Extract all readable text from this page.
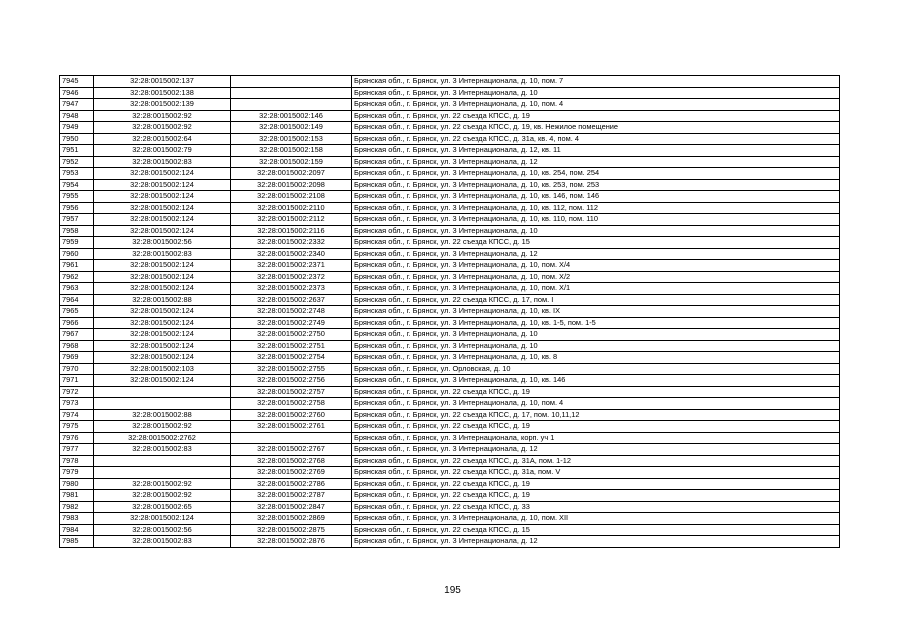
7945	32:28:0015002:137		Брянская обл., г. Брянск, ул. 3 Интернационала, д. 10, пом. 7
7946	32:28:0015002:138		Брянская обл., г. Брянск, ул. 3 Интернационала, д. 10
7947	32:28:0015002:139		Брянская обл., г. Брянск, ул. 3 Интернационала, д. 10, пом. 4
7948	32:28:0015002:92	32:28:0015002:146	Брянская обл., г. Брянск, ул. 22 съезда КПСС, д. 19
7949	32:28:0015002:92	32:28:0015002:149	Брянская обл., г. Брянск, ул. 22 съезда КПСС, д. 19, кв. Нежилое помещение
7950	32:28:0015002:64	32:28:0015002:153	Брянская обл., г. Брянск, ул. 22 съезда КПСС, д. 31а, кв. 4, пом. 4
7951	32:28:0015002:79	32:28:0015002:158	Брянская обл., г. Брянск, ул. 3 Интернационала, д. 12, кв. 11
7952	32:28:0015002:83	32:28:0015002:159	Брянская обл., г. Брянск, ул. 3 Интернационала, д. 12
7953	32:28:0015002:124	32:28:0015002:2097	Брянская обл., г. Брянск, ул. 3 Интернационала, д. 10, кв. 254, пом. 254
7954	32:28:0015002:124	32:28:0015002:2098	Брянская обл., г. Брянск, ул. 3 Интернационала, д. 10, кв. 253, пом. 253
7955	32:28:0015002:124	32:28:0015002:2108	Брянская обл., г. Брянск, ул. 3 Интернационала, д. 10, кв. 146, пом. 146
7956	32:28:0015002:124	32:28:0015002:2110	Брянская обл., г. Брянск, ул. 3 Интернационала, д. 10, кв. 112, пом. 112
7957	32:28:0015002:124	32:28:0015002:2112	Брянская обл., г. Брянск, ул. 3 Интернационала, д. 10, кв. 110, пом. 110
7958	32:28:0015002:124	32:28:0015002:2116	Брянская обл., г. Брянск, ул. 3 Интернационала, д. 10
7959	32:28:0015002:56	32:28:0015002:2332	Брянская обл., г. Брянск, ул. 22 съезда КПСС, д. 15
7960	32:28:0015002:83	32:28:0015002:2340	Брянская обл., г. Брянск, ул. 3 Интернационала, д. 12
7961	32:28:0015002:124	32:28:0015002:2371	Брянская обл., г. Брянск, ул. 3 Интернационала, д. 10, пом. Х/4
7962	32:28:0015002:124	32:28:0015002:2372	Брянская обл., г. Брянск, ул. 3 Интернационала, д. 10, пом. Х/2
7963	32:28:0015002:124	32:28:0015002:2373	Брянская обл., г. Брянск, ул. 3 Интернационала, д. 10, пом. Х/1
7964	32:28:0015002:88	32:28:0015002:2637	Брянская обл., г. Брянск, ул. 22 съезда КПСС, д. 17, пом. I
7965	32:28:0015002:124	32:28:0015002:2748	Брянская обл., г. Брянск, ул. 3 Интернационала, д. 10, кв. IX
7966	32:28:0015002:124	32:28:0015002:2749	Брянская обл., г. Брянск, ул. 3 Интернационала, д. 10, кв. 1-5, пом. 1-5
7967	32:28:0015002:124	32:28:0015002:2750	Брянская обл., г. Брянск, ул. 3 Интернационала, д. 10
7968	32:28:0015002:124	32:28:0015002:2751	Брянская обл., г. Брянск, ул. 3 Интернационала, д. 10
7969	32:28:0015002:124	32:28:0015002:2754	Брянская обл., г. Брянск, ул. 3 Интернационала, д. 10, кв. 8
7970	32:28:0015002:103	32:28:0015002:2755	Брянская обл., г. Брянск, ул. Орловская, д. 10
7971	32:28:0015002:124	32:28:0015002:2756	Брянская обл., г. Брянск, ул. 3 Интернационала, д. 10, кв. 146
7972		32:28:0015002:2757	Брянская обл., г. Брянск, ул. 22 съезда КПСС, д. 19
7973		32:28:0015002:2758	Брянская обл., г. Брянск, ул. 3 Интернационала, д. 10, пом. 4
7974	32:28:0015002:88	32:28:0015002:2760	Брянская обл., г. Брянск, ул. 22 съезда КПСС, д. 17, пом. 10,11,12
7975	32:28:0015002:92	32:28:0015002:2761	Брянская обл., г. Брянск, ул. 22 съезда КПСС, д. 19
7976	32:28:0015002:2762		Брянская обл., г. Брянск, ул. 3 Интернационала, корп. уч 1
7977	32:28:0015002:83	32:28:0015002:2767	Брянская обл., г. Брянск, ул. 3 Интернационала, д. 12
7978		32:28:0015002:2768	Брянская обл., г. Брянск, ул. 22 съезда КПСС, д. 31А, пом. 1-12
7979		32:28:0015002:2769	Брянская обл., г. Брянск, ул. 22 съезда КПСС, д. 31а, пом. V
7980	32:28:0015002:92	32:28:0015002:2786	Брянская обл., г. Брянск, ул. 22 съезда КПСС, д. 19
7981	32:28:0015002:92	32:28:0015002:2787	Брянская обл., г. Брянск, ул. 22 съезда КПСС, д. 19
7982	32:28:0015002:65	32:28:0015002:2847	Брянская обл., г. Брянск, ул. 22 съезда КПСС, д. 33
7983	32:28:0015002:124	32:28:0015002:2869	Брянская обл., г. Брянск, ул. 3 Интернационала, д. 10, пом. XII
7984	32:28:0015002:56	32:28:0015002:2875	Брянская обл., г. Брянск, ул. 22 съезда КПСС, д. 15
7985	32:28:0015002:83	32:28:0015002:2876	Брянская обл., г. Брянск, ул. 3 Интернационала, д. 12
195
